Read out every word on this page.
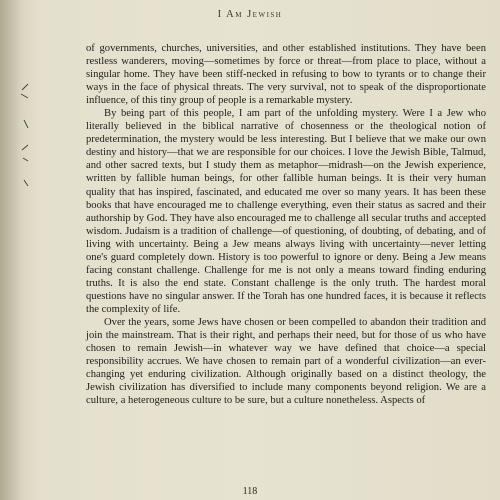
I Am Jewish

of governments, churches, universities, and other established institutions. They have been restless wanderers, moving—sometimes by force or threat—from place to place, without a singular home. They have been stiff-necked in refusing to bow to tyrants or to change their ways in the face of physical threats. The very survival, not to speak of the disproportionate influence, of this tiny group of people is a remarkable mystery.

By being part of this people, I am part of the unfolding mystery. Were I a Jew who literally believed in the biblical narrative of chosenness or the theological notion of predetermination, the mystery would be less interesting. But I believe that we make our own destiny and history—that we are responsible for our choices. I love the Jewish Bible, Talmud, and other sacred texts, but I study them as metaphor—midrash—on the Jewish experience, written by fallible human beings, for other fallible human beings. It is their very human quality that has inspired, fascinated, and educated me over so many years. It has been these books that have encouraged me to challenge everything, even their status as sacred and their authorship by God. They have also encouraged me to challenge all secular truths and accepted wisdom. Judaism is a tradition of challenge—of questioning, of doubting, of debating, and of living with uncertainty. Being a Jew means always living with uncertainty—never letting one's guard completely down. History is too powerful to ignore or deny. Being a Jew means facing constant challenge. Challenge for me is not only a means toward finding enduring truths. It is also the end state. Constant challenge is the only truth. The hardest moral questions have no singular answer. If the Torah has one hundred faces, it is because it reflects the complexity of life.

Over the years, some Jews have chosen or been compelled to abandon their tradition and join the mainstream. That is their right, and perhaps their need, but for those of us who have chosen to remain Jewish—in whatever way we have defined that choice—a special responsibility accrues. We have chosen to remain part of a wonderful civilization—an ever-changing yet enduring civilization. Although originally based on a distinct theology, the Jewish civilization has diversified to include many components beyond religion. We are a culture, a heterogeneous culture to be sure, but a culture nonetheless. Aspects of

118
